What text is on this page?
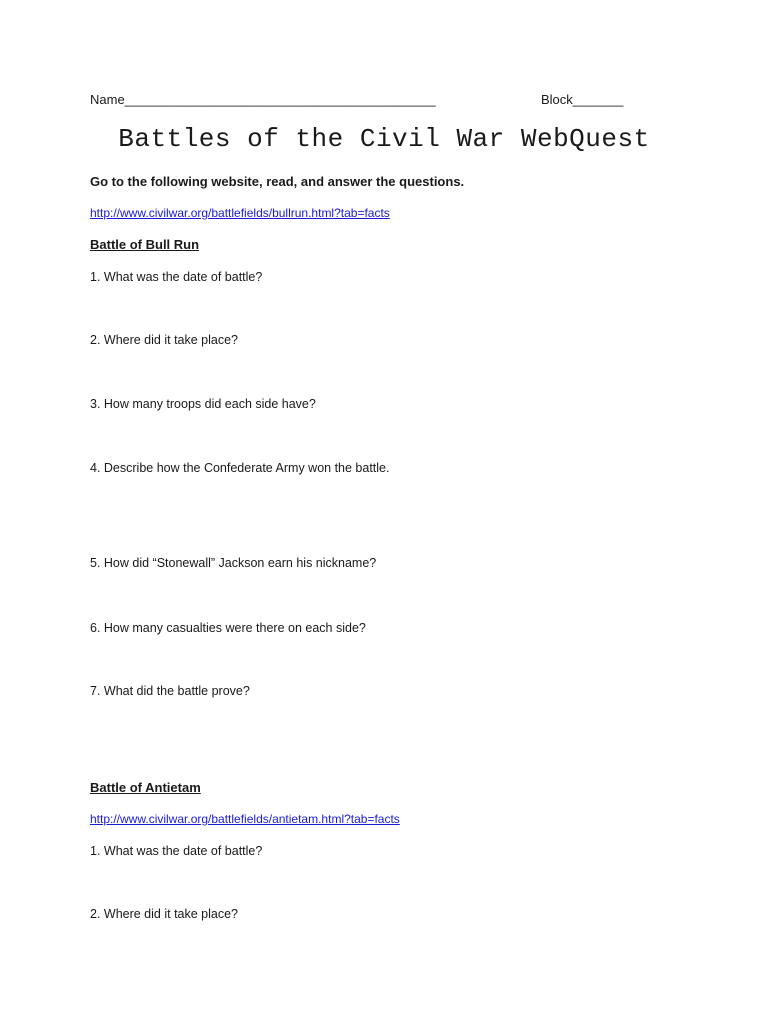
Name___________________________________________	Block_______
Battles of the Civil War WebQuest
Go to the following website, read, and answer the questions.
http://www.civilwar.org/battlefields/bullrun.html?tab=facts
Battle of Bull Run
1. What was the date of battle?
2. Where did it take place?
3. How many troops did each side have?
4. Describe how the Confederate Army won the battle.
5. How did “Stonewall” Jackson earn his nickname?
6. How many casualties were there on each side?
7. What did the battle prove?
Battle of Antietam
http://www.civilwar.org/battlefields/antietam.html?tab=facts
1. What was the date of battle?
2. Where did it take place?
